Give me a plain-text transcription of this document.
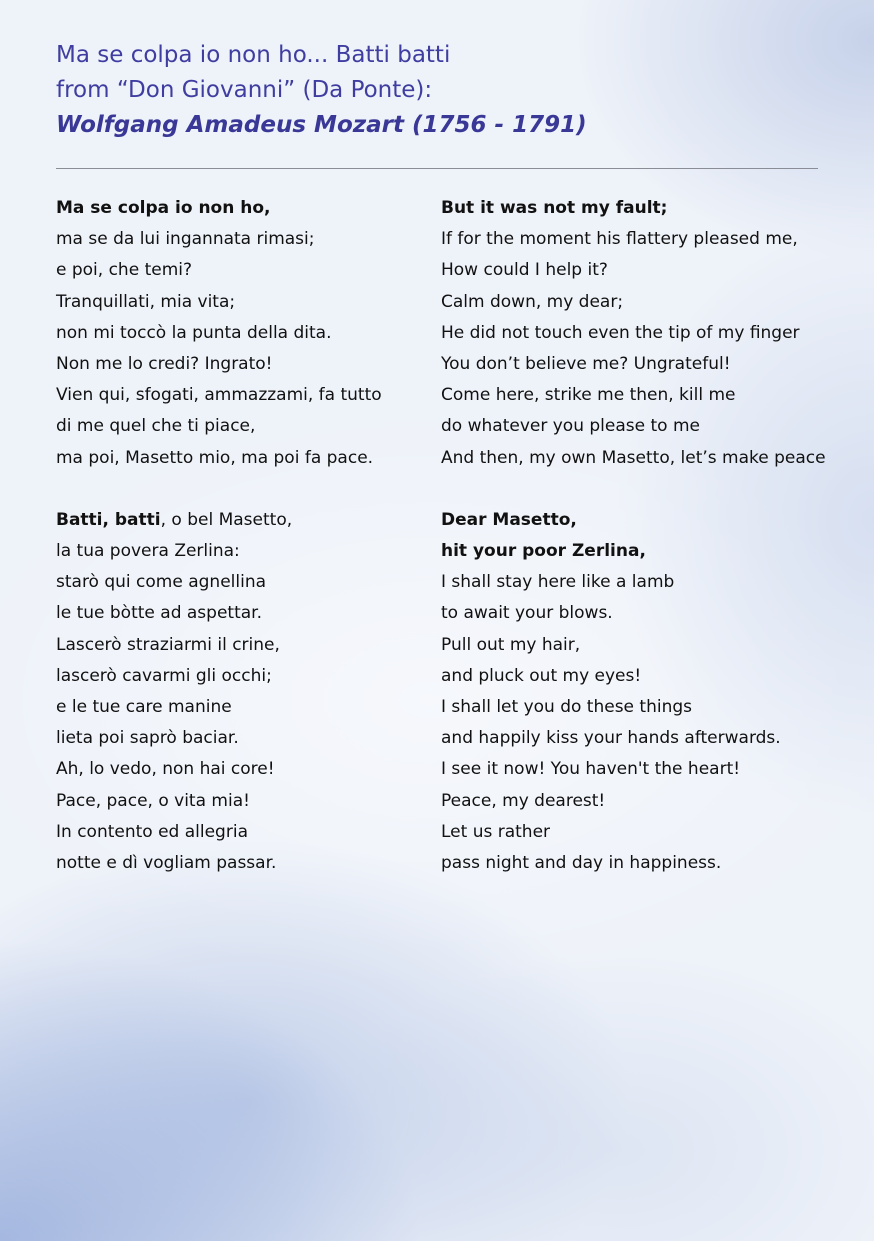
Ma se colpa io non ho... Batti batti
from “Don Giovanni” (Da Ponte):
Wolfgang Amadeus Mozart (1756 - 1791)
Ma se colpa io non ho,
ma se da lui ingannata rimasi;
e poi, che temi?
Tranquillati, mia vita;
non mi toccò la punta della dita.
Non me lo credi? Ingrato!
Vien qui, sfogati, ammazzami, fa tutto
di me quel che ti piace,
ma poi, Masetto mio, ma poi fa pace.
Batti, batti, o bel Masetto,
la tua povera Zerlina:
starò qui come agnellina
le tue bòtte ad aspettar.
Lascerò straziarmi il crine,
lascerò cavarmi gli occhi;
e le tue care manine
lieta poi saprò baciar.
Ah, lo vedo, non hai core!
Pace, pace, o vita mia!
In contento ed allegria
notte e dì vogliam passar.
But it was not my fault;
If for the moment his flattery pleased me,
How could I help it?
Calm down, my dear;
He did not touch even the tip of my finger
You don’t believe me? Ungrateful!
Come here, strike me then, kill me
do whatever you please to me
And then, my own Masetto, let’s make peace
Dear Masetto,
hit your poor Zerlina,
I shall stay here like a lamb
to await your blows.
Pull out my hair,
and pluck out my eyes!
I shall let you do these things
and happily kiss your hands afterwards.
I see it now! You haven't the heart!
Peace, my dearest!
Let us rather
pass night and day in happiness.
